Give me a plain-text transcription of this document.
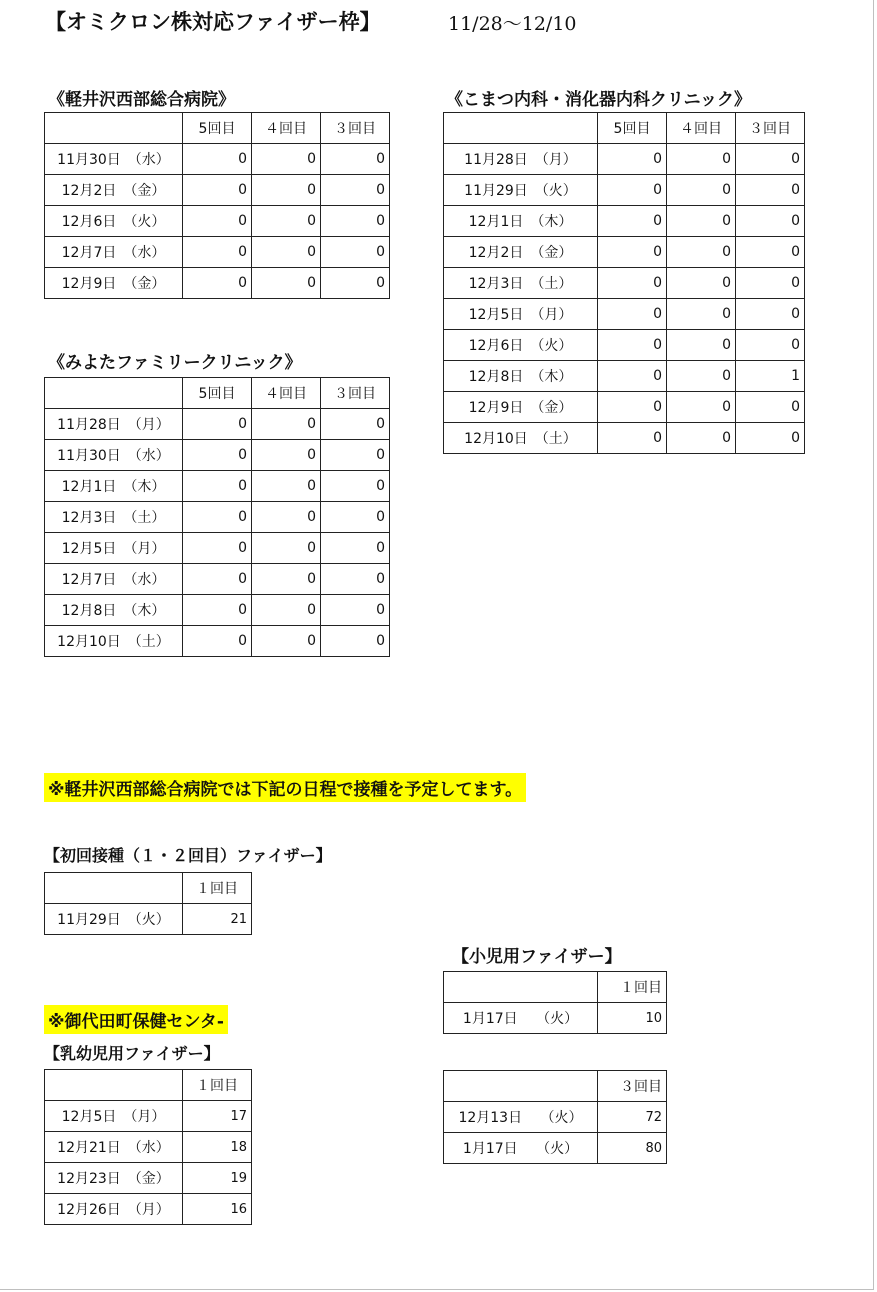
【オミクロン株対応ファイザー枠】	11/28～12/10
《軽井沢西部総合病院》
	5回目	４回目	３回目
11月30日　（水）	0	0	0
12月2日　（金）	0	0	0
12月6日　（火）	0	0	0
12月7日　（水）	0	0	0
12月9日　（金）	0	0	0
《みよたファミリークリニック》
	5回目	４回目	３回目
11月28日　（月）	0	0	0
11月30日　（水）	0	0	0
12月1日　（木）	0	0	0
12月3日　（土）	0	0	0
12月5日　（月）	0	0	0
12月7日　（水）	0	0	0
12月8日　（木）	0	0	0
12月10日　（土）	0	0	0
《こまつ内科・消化器内科クリニック》
	5回目	４回目	３回目
11月28日　（月）	0	0	0
11月29日　（火）	0	0	0
12月1日　（木）	0	0	0
12月2日　（金）	0	0	0
12月3日　（土）	0	0	0
12月5日　（月）	0	0	0
12月6日　（火）	0	0	0
12月8日　（木）	0	0	1
12月9日　（金）	0	0	0
12月10日　（土）	0	0	0
※軽井沢西部総合病院では下記の日程で接種を予定してます。
【初回接種（１・２回目）ファイザー】
	１回目
11月29日　（火）	21
【小児用ファイザー】
	１回目
1月17日　 （火）	10
	３回目
12月13日　 （火）	72
1月17日　 （火）	80
※御代田町保健センタ-
【乳幼児用ファイザー】
	１回目
12月5日　（月）	17
12月21日　（水）	18
12月23日　（金）	19
12月26日　（月）	16
